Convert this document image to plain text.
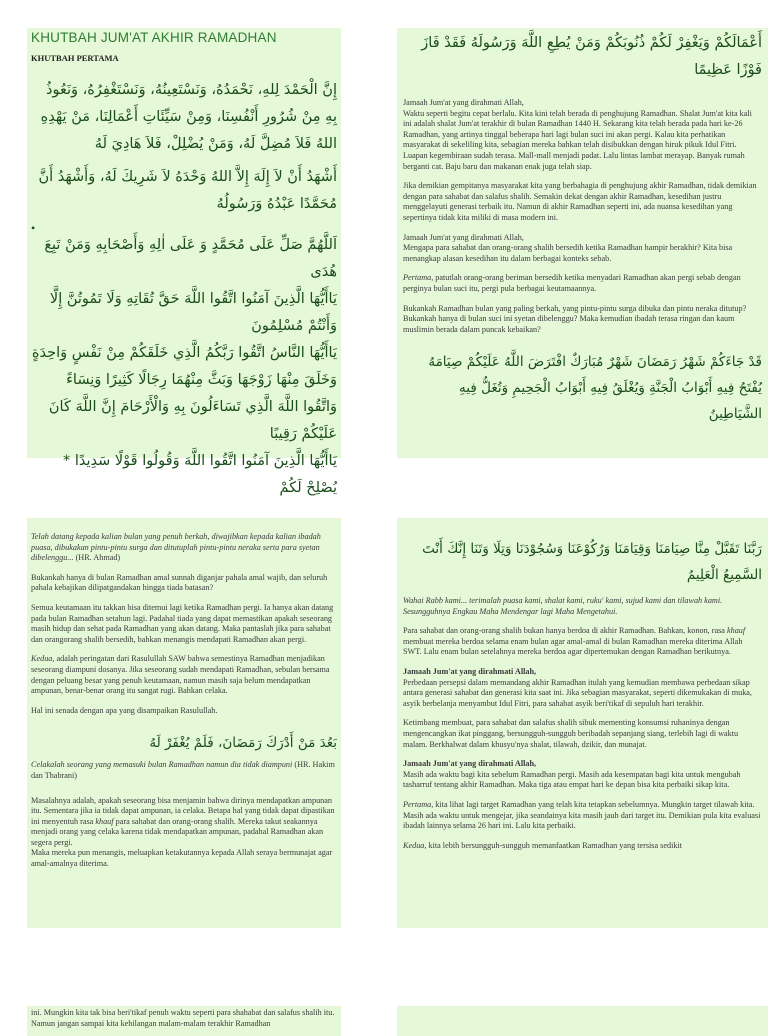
KHUTBAH JUM'AT AKHIR RAMADHAN
KHUTBAH PERTAMA

إِنَّ الْحَمْدَ لِلهِ، نَحْمَدُهُ، وَنَسْتَعِينُهُ، وَنَسْتَغْفِرُهُ، وَنَعُوذُ بِهِ مِنْ شُرُورِ أَنْفُسِنَا، وَمِنْ سَيِّئَاتِ أَعْمَالِنَا، مَنْ يَهْدِهِ اللهُ فَلاَ مُضِلَّ لَهُ، وَمَنْ يُضْلِلْ، فَلاَ هَادِيَ لَهُ

أَشْهَدُ أَنْ لاَ إِلَهَ إِلاَّ اللهُ وَحْدَهُ لاَ شَرِيكَ لَهُ، وَأَشْهَدُ أَنَّ مُحَمَّدًا عَبْدُهُ وَرَسُولُهُ

•

اَللَّهُمَّ صَلِّ عَلَى مُحَمَّدٍ وَ عَلَى اٰلِهِ وَأَصْحَابِهِ وَمَنْ تَبِعَ هُدَى

يَاأَيُّهَا الَّذِينَ آمَنُوا اتَّقُوا اللَّهَ حَقَّ تُقَاتِهِ وَلَا تَمُوتُنَّ إِلَّا وَأَنْتُمْ مُسْلِمُونَ

يَاأَيُّهَا النَّاسُ اتَّقُوا رَبَّكُمُ الَّذِي خَلَقَكُمْ مِنْ نَفْسٍ وَاحِدَةٍ وَخَلَقَ مِنْهَا زَوْجَهَا وَبَثَّ مِنْهُمَا رِجَالًا كَثِيرًا وَنِسَاءً وَاتَّقُوا اللَّهَ الَّذِي تَسَاءَلُونَ بِهِ وَالْأَرْحَامَ إِنَّ اللَّهَ كَانَ عَلَيْكُمْ رَقِيبًا

يَاأَيُّهَا الَّذِينَ آمَنُوا اتَّقُوا اللَّهَ وَقُولُوا قَوْلًا سَدِيدًا * يُصْلِحْ لَكُمْ

أَعْمَالَكُمْ وَيَغْفِرْ لَكُمْ ذُنُوبَكُمْ وَمَنْ يُطِعِ اللَّهَ وَرَسُولَهُ فَقَدْ فَازَ فَوْزًا عَظِيمًا

Jamaah Jum'at yang dirahmati Allah,
Waktu seperti begitu cepat berlalu. Kita kini telah berada di penghujung Ramadhan. Shalat Jum'at kita kali ini adalah shalat Jum'at terakhir di bulan Ramadhan 1440 H. Sekarang kita telah berada pada hari ke-26 Ramadhan, yang artinya tinggal beberapa hari lagi bulan suci ini akan pergi. Kalau kita perhatikan masyarakat di sekeliling kita, sebagian mereka bahkan telah disibukkan dengan hiruk pikuk Idul Fitri. Luapan kegembiraan sudah terasa. Mall-mall menjadi padat. Lalu lintas lambat merayap. Banyak rumah berganti cat. Baju baru dan makanan enak juga telah siap.

Jika demikian gempitanya masyarakat kita yang berbahagia di penghujung akhir Ramadhan, tidak demikian dengan para sahabat dan salafus shalih. Semakin dekat dengan akhir Ramadhan, kesedihan justru menggelayuti generasi terbaik itu. Namun di akhir Ramadhan seperti ini, ada nuansa kesedihan yang sepertinya tidak kita miliki di masa modern ini.

Jamaah Jum'at yang dirahmati Allah,
Mengapa para sahabat dan orang-orang shalih bersedih ketika Ramadhan hampir berakhir? Kita bisa menangkap alasan kesedihan itu dalam berbagai konteks sebab.

Pertama, patutlah orang-orang beriman bersedih ketika menyadari Ramadhan akan pergi sebab dengan perginya bulan suci itu, pergi pula berbagai keutamaannya.

Bukankah Ramadhan bulan yang paling berkah, yang pintu-pintu surga dibuka dan pintu neraka ditutup? Bukankah hanya di bulan suci ini syetan dibelenggu? Maka kemudian ibadah terasa ringan dan kaum muslimin berada dalam puncak kebaikan?

قَدْ جَاءَكُمْ شَهْرُ رَمَضَانَ شَهْرٌ مُبَارَكٌ افْتَرَضَ اللَّهُ عَلَيْكُمْ صِيَامَهُ يُفْتَحُ فِيهِ أَبْوَابُ الْجَنَّةِ وَيُغْلَقُ فِيهِ أَبْوَابُ الْجَحِيمِ وَتُغَلُّ فِيهِ الشَّيَاطِينُ

Telah datang kepada kalian bulan yang penuh berkah, diwajibkan kepada kalian ibadah puasa, dibukakan pintu-pintu surga dan ditutuplah pintu-pintu neraka serta para syetan dibelenggu... (HR. Ahmad)

Bukankah hanya di bulan Ramadhan amal sunnah diganjar pahala amal wajib, dan seluruh pahala kebajikan dilipatgandakan hingga tiada batasan?

Semua keutamaan itu takkan bisa ditemui lagi ketika Ramadhan pergi. Ia hanya akan datang pada bulan Ramadhan setahun lagi. Padahal tiada yang dapat memastikan apakah seseorang masih hidup dan sehat pada Ramadhan yang akan datang. Maka pantaslah jika para sahabat dan orangorang shalih bersedih, bahkan menangis mendapati Ramadhan akan pergi.

Kedua, adalah peringatan dari Rasulullah SAW bahwa semestinya Ramadhan menjadikan seseorang diampuni dosanya. Jika seseorang sudah mendapati Ramadhan, sebulan bersama dengan peluang besar yang penuh keutamaan, namun masih saja belum mendapatkan ampunan, benar-benar orang itu sangat rugi. Bahkan celaka.

Hal ini senada dengan apa yang disampaikan Rasulullah.

بَعُدَ مَنْ أَدْرَكَ رَمَضَانَ، فَلَمْ يُغْفَرْ لَهُ

Celakalah seorang yang memasuki bulan Ramadhan namun dia tidak diampuni (HR. Hakim dan Thabrani)

Masalahnya adalah, apakah seseorang bisa menjamin bahwa dirinya mendapatkan ampunan itu. Sementara jika ia tidak dapat ampunan, ia celaka. Betapa hal yang tidak dapat dipastikan ini menyentuh rasa khauf para sahabat dan orang-orang shalih. Mereka takut seakannya menjadi orang yang celaka karena tidak mendapatkan ampunan, padahal Ramadhan akan segera pergi.
Maka mereka pun menangis, meluapkan ketakutannya kepada Allah seraya bermunajat agar amal-amalnya diterima.

رَبَّنَا تَقَبَّلْ مِنَّا صِيَامَنَا وَقِيَامَنَا وَرُكُوْعَنَا وَسُجُوْدَنَا وَتِلَا وَتَنَا إِنَّكَ أَنْتَ السَّمِيعُ الْعَلِيمُ

Wahai Rabb kami... terimalah puasa kami, shalat kami, ruku' kami, sujud kami dan tilawah kami. Sesungguhnya Engkau Maha Mendengar lagi Maha Mengetahui.

Para sahabat dan orang-orang shalih bukan hanya berdoa di akhir Ramadhan. Bahkan, konon, rasa khauf membuat mereka berdoa selama enam bulan agar amal-amal di bulan Ramadhan mereka diterima Allah SWT. Lalu enam bulan setelahnya mereka berdoa agar dipertemukan dengan Ramadhan berikutnya.

Jamaah Jum'at yang dirahmati Allah,
Perbedaan persepsi dalam memandang akhir Ramadhan itulah yang kemudian membawa perbedaan sikap antara generasi sahabat dan generasi kita saat ini. Jika sebagian masyarakat, seperti dikemukakan di muka, asyik berbelanja menyambut Idul Fitri, para sahabat asyik beri'tikaf di sepuluh hari terakhir.

Ketimbang membuat, para sahabat dan salafus shalih sibuk mementing konsumsi ruhaninya dengan mengencangkan ikat pinggang, bersungguh-sungguh beribadah sepanjang siang, terlebih lagi di waktu malam. Berkhalwat dalam khusyu'nya shalat, tilawah, dzikir, dan munajat.

Jamaah Jum'at yang dirahmati Allah,
Masih ada waktu bagi kita sebelum Ramadhan pergi. Masih ada kesempatan bagi kita untuk mengubah tasharruf tentang akhir Ramadhan. Maka tiga atau empat hari ke depan bisa kita perbaiki sikap kita.

Pertama, kita lihat lagi target Ramadhan yang telah kita tetapkan sebelumnya. Mungkin target tilawah kita. Masih ada waktu untuk mengejar, jika seandainya kita masih jauh dari target itu. Demikian pula kita evaluasi ibadah lainnya selama 26 hari ini. Lalu kita perbaiki.

Kedua, kita lebih bersungguh-sungguh memanfaatkan Ramadhan yang tersisa sedikit

ini. Mungkin kita tak bisa beri'tikaf penuh waktu seperti para shahabat dan salafus shalih itu. Namun jangan sampai kita kehilangan malam-malam terakhir Ramadhan
